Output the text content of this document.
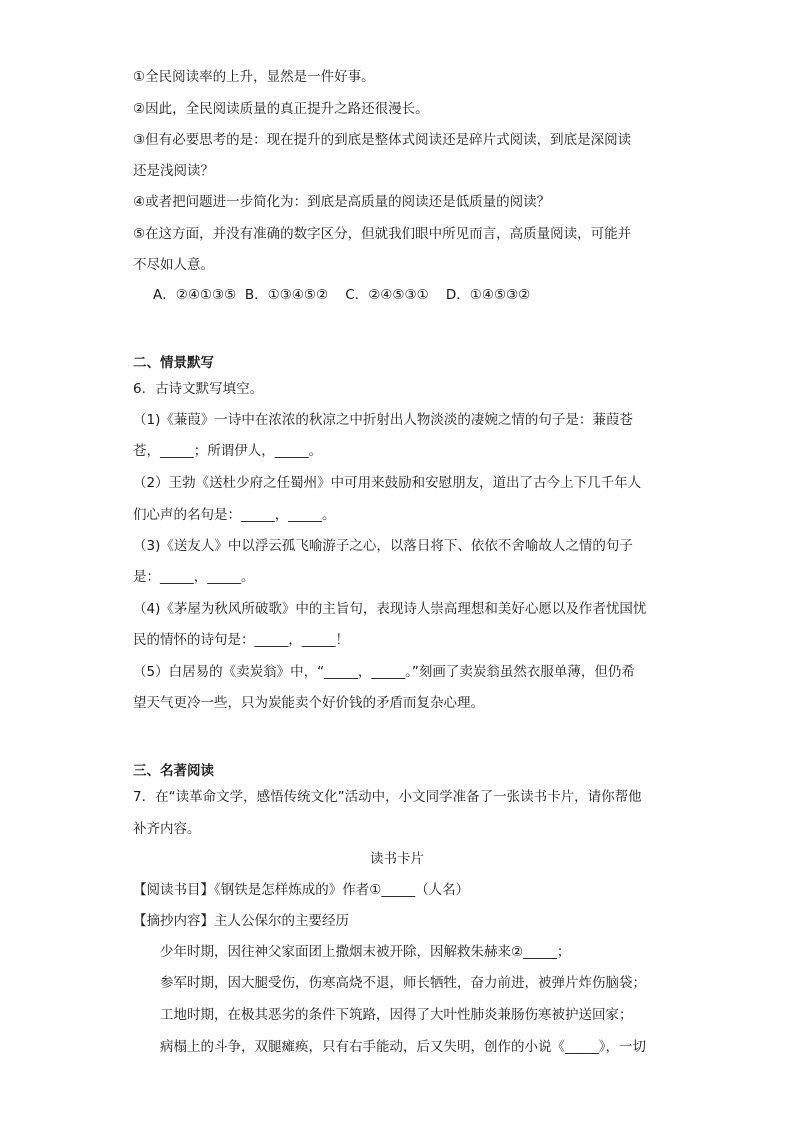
①全民阅读率的上升，显然是一件好事。
②因此，全民阅读质量的真正提升之路还很漫长。
③但有必要思考的是：现在提升的到底是整体式阅读还是碎片式阅读，到底是深阅读
还是浅阅读？
④或者把问题进一步简化为：到底是高质量的阅读还是低质量的阅读？
⑤在这方面，并没有准确的数字区分，但就我们眼中所见而言，高质量阅读，可能并
不尽如人意。
A．②④①③⑤  B．①③④⑤②    C．②④⑤③①    D．①④⑤③②
二、情景默写
6．古诗文默写填空。
（1)《蒹葭》一诗中在浓浓的秋凉之中折射出人物淡淡的凄婉之情的句子是：蒹葭苍
苍，_____；所谓伊人，_____。
（2）王勃《送杜少府之任蜀州》中可用来鼓励和安慰朋友，道出了古今上下几千年人
们心声的名句是：_____，_____。
（3)《送友人》中以浮云孤飞喻游子之心，以落日将下、依依不舍喻故人之情的句子
是：_____，_____。
（4)《茅屋为秋风所破歌》中的主旨句，表现诗人崇高理想和美好心愿以及作者忧国忧
民的情怀的诗句是：_____，_____！
（5）白居易的《卖炭翁》中，“_____，_____。”刻画了卖炭翁虽然衣服单薄，但仍希
望天气更冷一些，只为炭能卖个好价钱的矛盾而复杂心理。
三、名著阅读
7．在“读革命文学，感悟传统文化”活动中，小文同学准备了一张读书卡片，请你帮他
补齐内容。
读书卡片
【阅读书目】《钢铁是怎样炼成的》作者①_____（人名）
【摘抄内容】主人公保尔的主要经历
少年时期，因往神父家面团上撒烟末被开除，因解救朱赫来②_____；
参军时期，因大腿受伤，伤寒高烧不退，师长牺牲，奋力前进，被弹片炸伤脑袋；
工地时期，在极其恶劣的条件下筑路，因得了大叶性肺炎兼肠伤寒被护送回家；
病榻上的斗争，双腿瘫痪，只有右手能动，后又失明，创作的小说《_____》，一切
